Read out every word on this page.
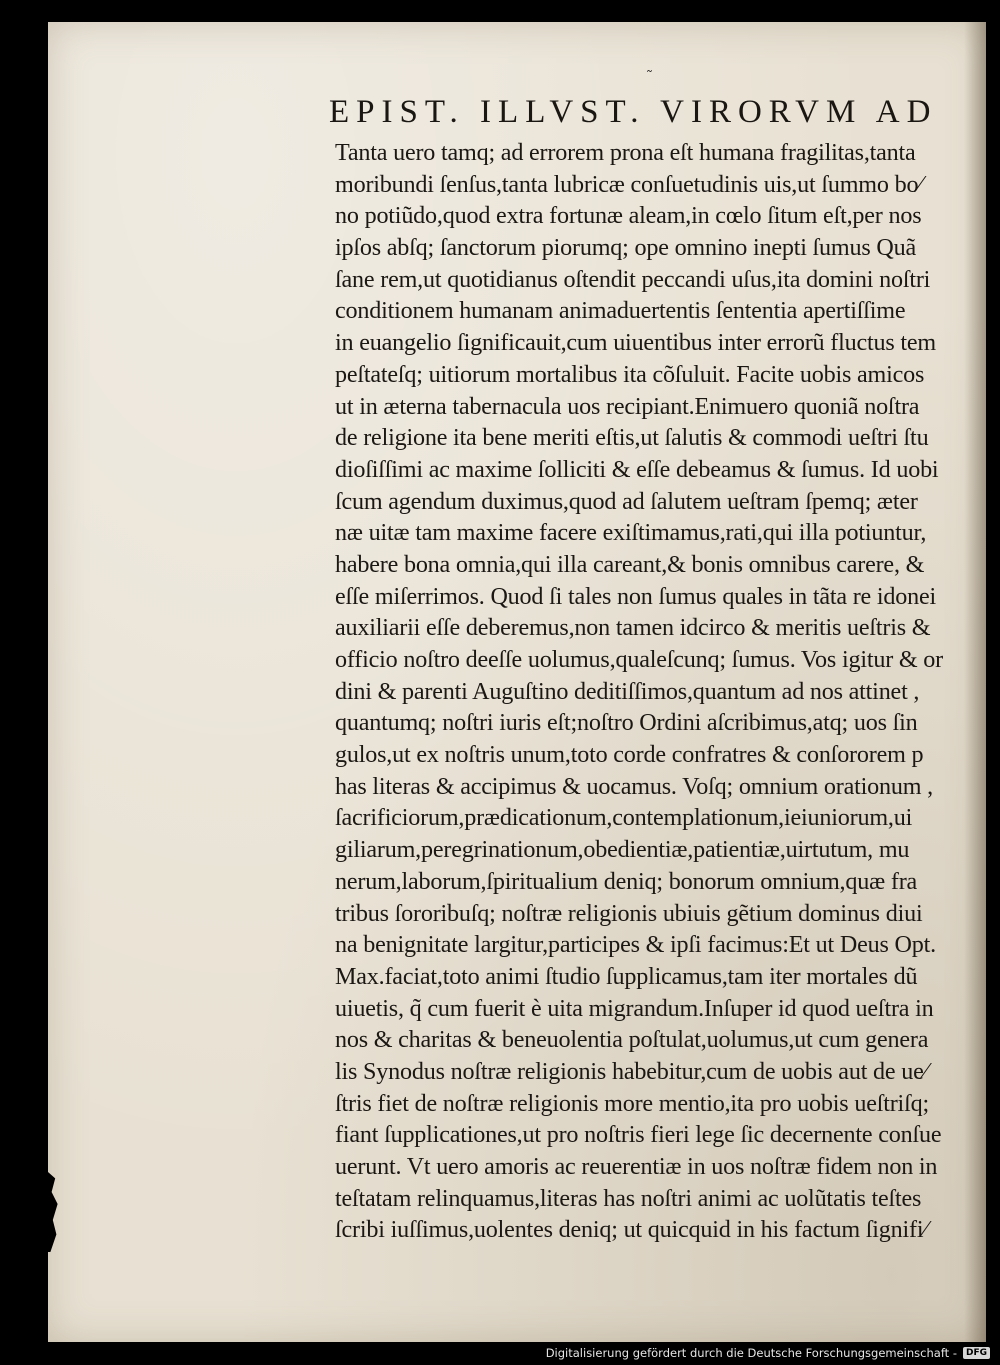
˜
EPIST. ILLVST. VIRORVM AD
Tanta uero tamq; ad errorem prona eſt humana fragilitas,tanta
moribundi ſenſus,tanta lubricæ conſuetudinis uis,ut ſummo bo⁄
no potiũdo,quod extra fortunæ aleam,in cœlo ſitum eſt,per nos
ipſos abſq; ſanctorum piorumq; ope omnino inepti ſumus Quã
ſane rem,ut quotidianus oſtendit peccandi uſus,ita domini noſtri
conditionem humanam animaduertentis ſententia apertiſſime
in euangelio ſignificauit,cum uiuentibus inter errorũ fluctus tem
peſtateſq; uitiorum mortalibus ita cõſuluit. Facite uobis amicos
ut in æterna tabernacula uos recipiant.Enimuero quoniã noſtra
de religione ita bene meriti eſtis,ut ſalutis & commodi ueſtri ſtu
dioſiſſimi ac maxime ſolliciti & eſſe debeamus & ſumus. Id uobi
ſcum agendum duximus,quod ad ſalutem ueſtram ſpemq; æter
næ uitæ tam maxime facere exiſtimamus,rati,qui illa potiuntur,
habere bona omnia,qui illa careant,& bonis omnibus carere, &
eſſe miſerrimos. Quod ſi tales non ſumus quales in tãta re idonei
auxiliarii eſſe deberemus,non tamen idcirco & meritis ueſtris &
officio noſtro deeſſe uolumus,qualeſcunq; ſumus. Vos igitur & or
dini & parenti Auguſtino deditiſſimos,quantum ad nos attinet ,
quantumq; noſtri iuris eſt;noſtro Ordini aſcribimus,atq; uos ſin
gulos,ut ex noſtris unum,toto corde confratres & conſororem p
has literas & accipimus & uocamus. Voſq; omnium orationum ,
ſacrificiorum,prædicationum,contemplationum,ieiuniorum,ui
giliarum,peregrinationum,obedientiæ,patientiæ,uirtutum, mu
nerum,laborum,ſpiritualium deniq; bonorum omnium,quæ fra
tribus ſororibuſq; noſtræ religionis ubiuis gẽtium dominus diui
na benignitate largitur,participes & ipſi facimus:Et ut Deus Opt.
Max.faciat,toto animi ſtudio ſupplicamus,tam iter mortales dũ
uiuetis, q̃ cum fuerit è uita migrandum.Inſuper id quod ueſtra in
nos & charitas & beneuolentia poſtulat,uolumus,ut cum genera
lis Synodus noſtræ religionis habebitur,cum de uobis aut de ue⁄
ſtris fiet de noſtræ religionis more mentio,ita pro uobis ueſtriſq;
fiant ſupplicationes,ut pro noſtris fieri lege ſic decernente conſue
uerunt. Vt uero amoris ac reuerentiæ in uos noſtræ fidem non in
teſtatam relinquamus,literas has noſtri animi ac uolũtatis teſtes
ſcribi iuſſimus,uolentes deniq; ut quicquid in his factum ſignifi⁄
Digitalisierung gefördert durch die Deutsche Forschungsgemeinschaft -	DFG
